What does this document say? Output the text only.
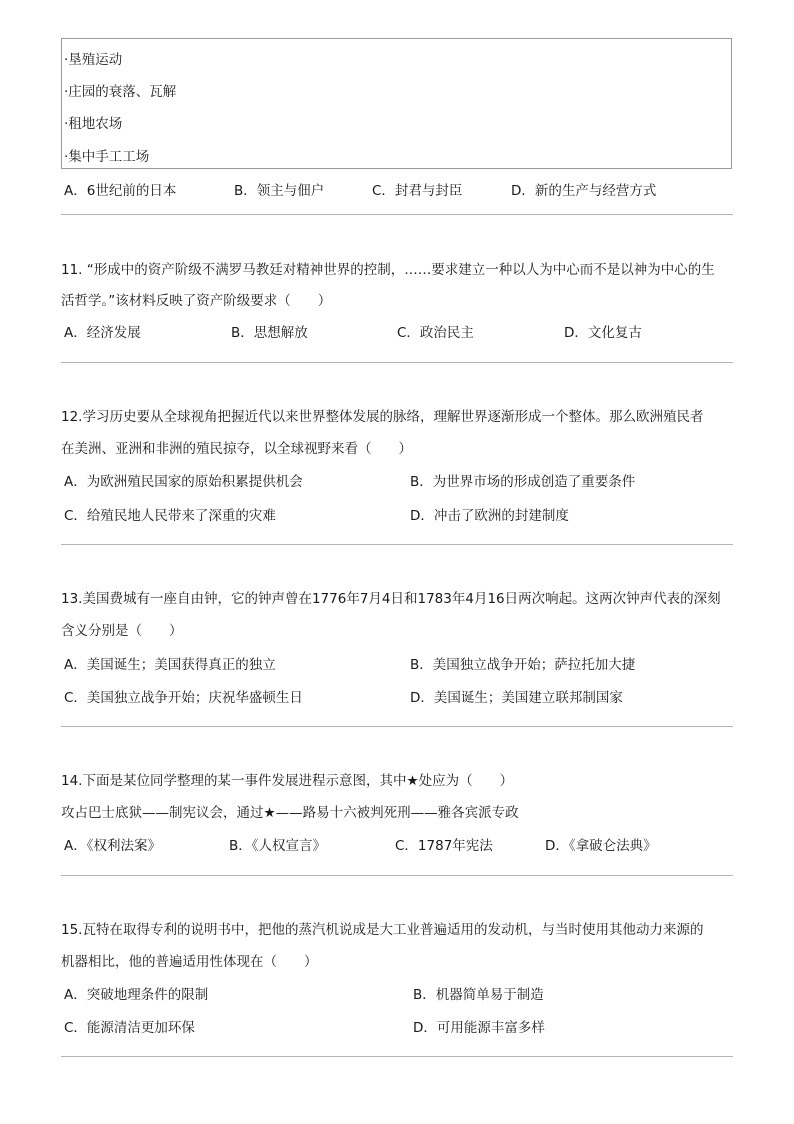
·垦殖运动
·庄园的衰落、瓦解
·租地农场
·集中手工工场
A．6世纪前的日本	B．领主与佃户	C．封君与封臣	D．新的生产与经营方式
11. “形成中的资产阶级不满罗马教廷对精神世界的控制，……要求建立一种以人为中心而不是以神为中心的生
活哲学。”该材料反映了资产阶级要求（　　）
A．经济发展	B．思想解放	C．政治民主	D．文化复古
12.学习历史要从全球视角把握近代以来世界整体发展的脉络，理解世界逐渐形成一个整体。那么欧洲殖民者
在美洲、亚洲和非洲的殖民掠夺，以全球视野来看（　　）
A．为欧洲殖民国家的原始积累提供机会	B．为世界市场的形成创造了重要条件
C．给殖民地人民带来了深重的灾难	D．冲击了欧洲的封建制度
13.美国费城有一座自由钟，它的钟声曾在1776年7月4日和1783年4月16日两次响起。这两次钟声代表的深刻
含义分别是（　　）
A．美国诞生；美国获得真正的独立	B．美国独立战争开始；萨拉托加大捷
C．美国独立战争开始；庆祝华盛顿生日	D．美国诞生；美国建立联邦制国家
14.下面是某位同学整理的某一事件发展进程示意图，其中★处应为（　　）
攻占巴士底狱——制宪议会，通过★——路易十六被判死刑——雅各宾派专政
A．《权利法案》	B．《人权宣言》	C．1787年宪法	D．《拿破仑法典》
15.瓦特在取得专利的说明书中，把他的蒸汽机说成是大工业普遍适用的发动机，与当时使用其他动力来源的
机器相比，他的普遍适用性体现在（　　）
A．突破地理条件的限制	B．机器简单易于制造
C．能源清洁更加环保	D．可用能源丰富多样
